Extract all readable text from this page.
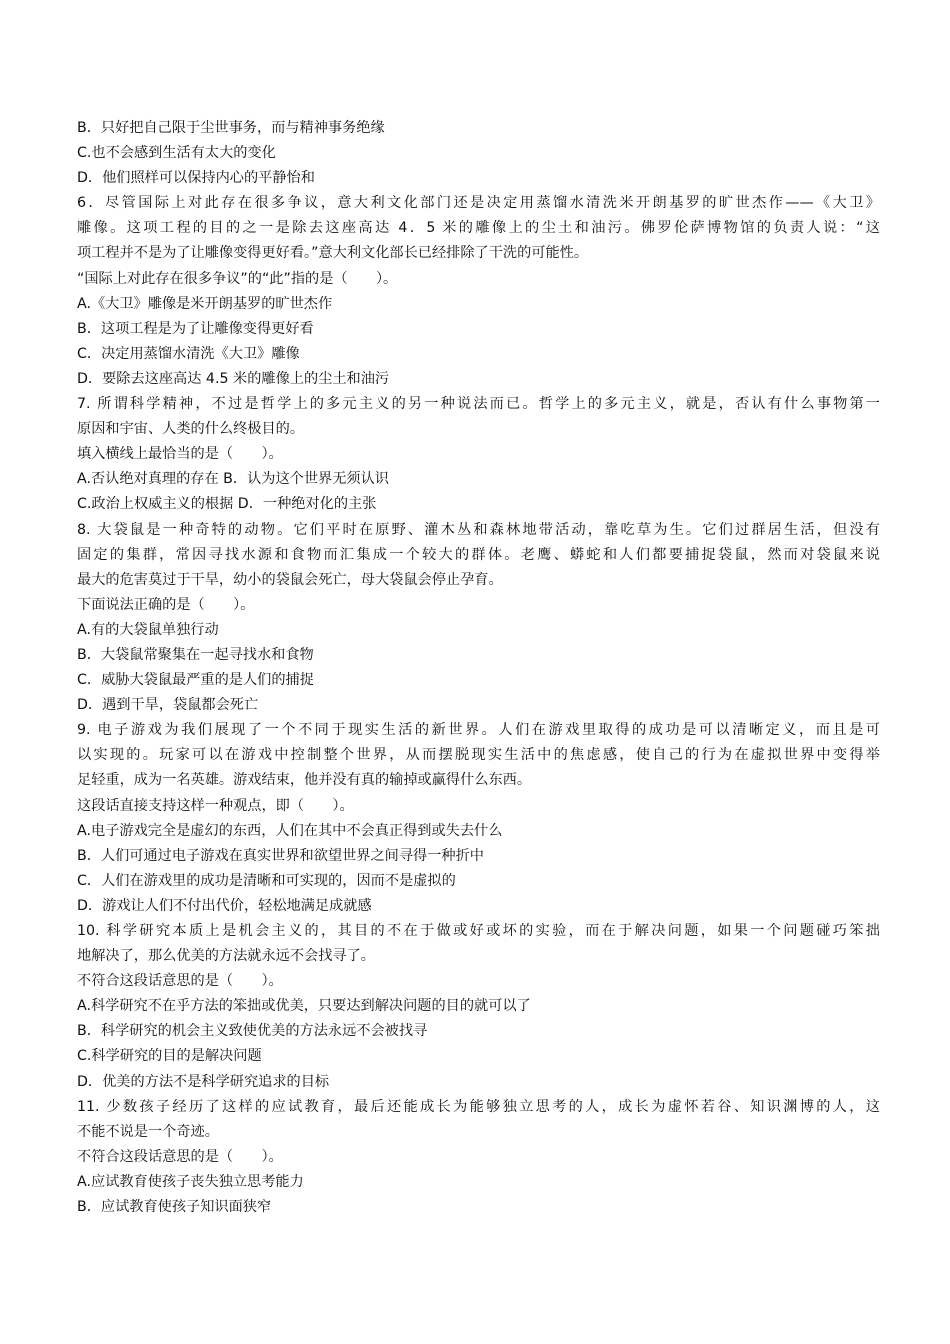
B．只好把自己限于尘世事务，而与精神事务绝缘
C.也不会感到生活有太大的变化
D．他们照样可以保持内心的平静怡和
6．尽管国际上对此存在很多争议，意大利文化部门还是决定用蒸馏水清洗米开朗基罗的旷世杰作——《大卫》
雕像。这项工程的目的之一是除去这座高达 4．5 米的雕像上的尘土和油污。佛罗伦萨博物馆的负责人说：“这
项工程并不是为了让雕像变得更好看。”意大利文化部长已经排除了干洗的可能性。
“国际上对此存在很多争议”的“此”指的是（　　）。
A.《大卫》雕像是米开朗基罗的旷世杰作
B．这项工程是为了让雕像变得更好看
C．决定用蒸馏水清洗《大卫》雕像
D．要除去这座高达 4.5 米的雕像上的尘土和油污
7. 所谓科学精神，不过是哲学上的多元主义的另一种说法而已。哲学上的多元主义，就是，否认有什么事物第一
原因和宇宙、人类的什么终极目的。
填入横线上最恰当的是（　　）。
A.否认绝对真理的存在 B．认为这个世界无须认识
C.政治上权威主义的根据 D．一种绝对化的主张
8. 大袋鼠是一种奇特的动物。它们平时在原野、灌木丛和森林地带活动，靠吃草为生。它们过群居生活，但没有
固定的集群，常因寻找水源和食物而汇集成一个较大的群体。老鹰、蟒蛇和人们都要捕捉袋鼠，然而对袋鼠来说
最大的危害莫过于干旱，幼小的袋鼠会死亡，母大袋鼠会停止孕育。
下面说法正确的是（　　）。
A.有的大袋鼠单独行动
B．大袋鼠常聚集在一起寻找水和食物
C．威胁大袋鼠最严重的是人们的捕捉
D．遇到干旱，袋鼠都会死亡
9. 电子游戏为我们展现了一个不同于现实生活的新世界。人们在游戏里取得的成功是可以清晰定义，而且是可
以实现的。玩家可以在游戏中控制整个世界，从而摆脱现实生活中的焦虑感，使自己的行为在虚拟世界中变得举
足轻重，成为一名英雄。游戏结束，他并没有真的输掉或赢得什么东西。
这段话直接支持这样一种观点，即（　　）。
A.电子游戏完全是虚幻的东西，人们在其中不会真正得到或失去什么
B．人们可通过电子游戏在真实世界和欲望世界之间寻得一种折中
C．人们在游戏里的成功是清晰和可实现的，因而不是虚拟的
D．游戏让人们不付出代价，轻松地满足成就感
10. 科学研究本质上是机会主义的，其目的不在于做或好或坏的实验，而在于解决问题，如果一个问题碰巧笨拙
地解决了，那么优美的方法就永远不会找寻了。
不符合这段话意思的是（　　）。
A.科学研究不在乎方法的笨拙或优美，只要达到解决问题的目的就可以了
B．科学研究的机会主义致使优美的方法永远不会被找寻
C.科学研究的目的是解决问题
D．优美的方法不是科学研究追求的目标
11. 少数孩子经历了这样的应试教育，最后还能成长为能够独立思考的人，成长为虚怀若谷、知识渊博的人，这
不能不说是一个奇迹。
不符合这段话意思的是（　　）。
A.应试教育使孩子丧失独立思考能力
B．应试教育使孩子知识面狭窄
